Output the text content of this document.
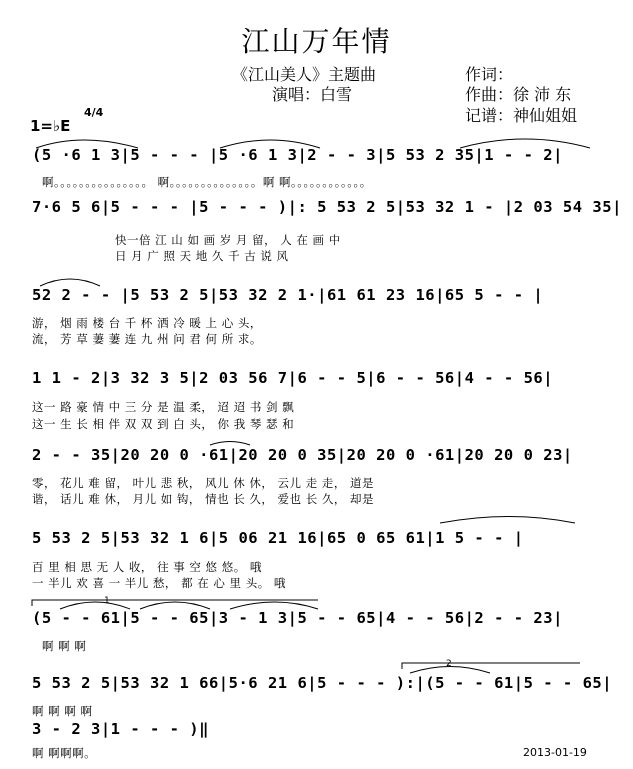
江山万年情
《江山美人》主题曲
演唱：白雪
作词：
作曲：徐 沛 东
记谱：神仙姐姐
1=♭E
4/4
(5 ·6 1 3|5 - - - |5 ·6 1 3|2 - - 3|5 53 2 35|1 - - 2|
啊。。。。。。。。。。。。。。。 啊。。。。。。。。。。。。。。啊 啊。。。。。。。。。。。。
7·6 5 6|5 - - - |5 - - - )|: 5 53 2 5|53 32 1 - |2 03 54 35|
快一倍 江 山 如 画 岁 月 留， 人 在 画 中
日 月 广 照 天 地 久 千 古 说 风
52 2 - - |5 53 2 5|53 32 2 1·|61 61 23 16|65 5 - - |
游， 烟 雨 楼 台 千 杯 洒 冷 暖 上 心 头，
流， 芳 草 萋 萋 连 九 州 问 君 何 所 求。
1 1 - 2|3 32 3 5|2 03 56 7|6 - - 5|6 - - 56|4 - - 56|
这一 路 豪 情 中 三 分 是 温 柔， 迢 迢 书 剑 飘
这一 生 长 相 伴 双 双 到 白 头， 你 我 琴 瑟 和
2 - - 35|20 20 0 ·61|20 20 0 35|20 20 0 ·61|20 20 0 23|
零， 花儿 难 留， 叶儿 悲 秋， 风儿 休 休， 云儿 走 走， 道是
谐， 话儿 难 休， 月儿 如 钩， 情也 长 久， 爱也 长 久， 却是
5 53 2 5|53 32 1 6|5 06 21 16|65 0 65 61|1 5 - - |
百 里 相 思 无 人 收， 往 事 空 悠 悠。 哦
一 半儿 欢 喜 一 半儿 愁， 都 在 心 里 头。 哦
(5 - - 61|5 - - 65|3 - 1 3|5 - - 65|4 - - 56|2 - - 23|
啊 啊 啊
5 53 2 5|53 32 1 66|5·6 21 6|5 - - - ):|(5 - - 61|5 - - 65|
啊 啊 啊 啊
3 - 2 3|1 - - - )‖
啊 啊啊啊。	2013-01-19
1
2
